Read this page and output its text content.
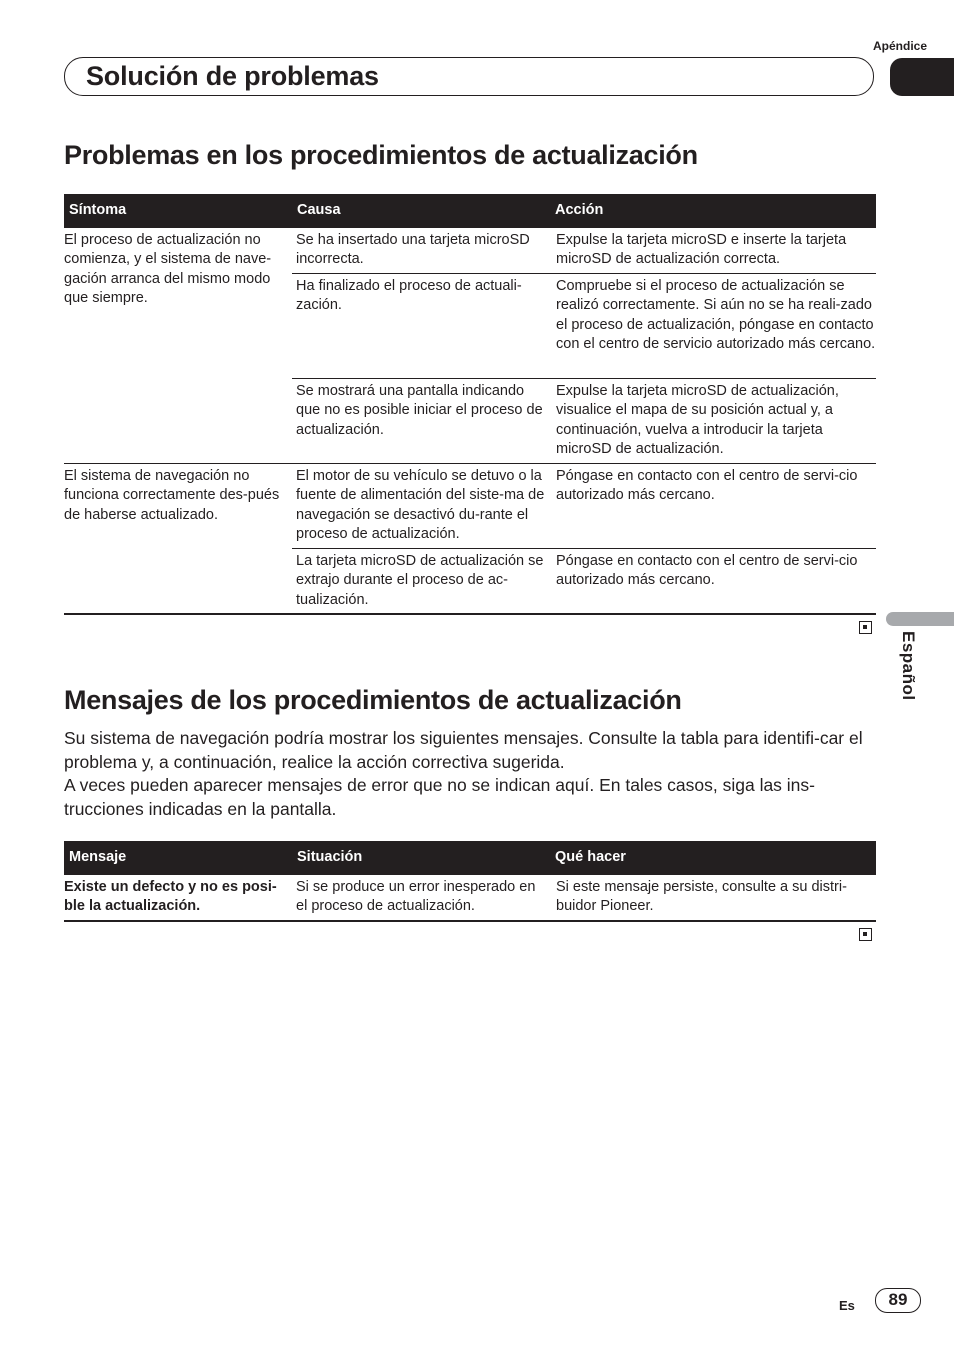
Apéndice
Solución de problemas
Problemas en los procedimientos de actualización
Síntoma	Causa	Acción
El proceso de actualización no comienza, y el sistema de nave-gación arranca del mismo modo que siempre.	Se ha insertado una tarjeta microSD incorrecta.	Expulse la tarjeta microSD e inserte la tarjeta microSD de actualización correcta.
	Ha finalizado el proceso de actuali-zación.	Compruebe si el proceso de actualización se realizó correctamente. Si aún no se ha reali-zado el proceso de actualización, póngase en contacto con el centro de servicio autorizado más cercano.
	Se mostrará una pantalla indicando que no es posible iniciar el proceso de actualización.	Expulse la tarjeta microSD de actualización, visualice el mapa de su posición actual y, a continuación, vuelva a introducir la tarjeta microSD de actualización.
El sistema de navegación no funciona correctamente des-pués de haberse actualizado.	El motor de su vehículo se detuvo o la fuente de alimentación del siste-ma de navegación se desactivó du-rante el proceso de actualización.	Póngase en contacto con el centro de servi-cio autorizado más cercano.
	La tarjeta microSD de actualización se extrajo durante el proceso de ac-tualización.	Póngase en contacto con el centro de servi-cio autorizado más cercano.
Español
Mensajes de los procedimientos de actualización

Su sistema de navegación podría mostrar los siguientes mensajes. Consulte la tabla para identifi-car el problema y, a continuación, realice la acción correctiva sugerida.

A veces pueden aparecer mensajes de error que no se indican aquí. En tales casos, siga las ins-trucciones indicadas en la pantalla.

Mensaje	Situación	Qué hacer
Existe un defecto y no es posi-ble la actualización.	Si se produce un error inesperado en el proceso de actualización.	Si este mensaje persiste, consulte a su distri-buidor Pioneer.
Es	89
